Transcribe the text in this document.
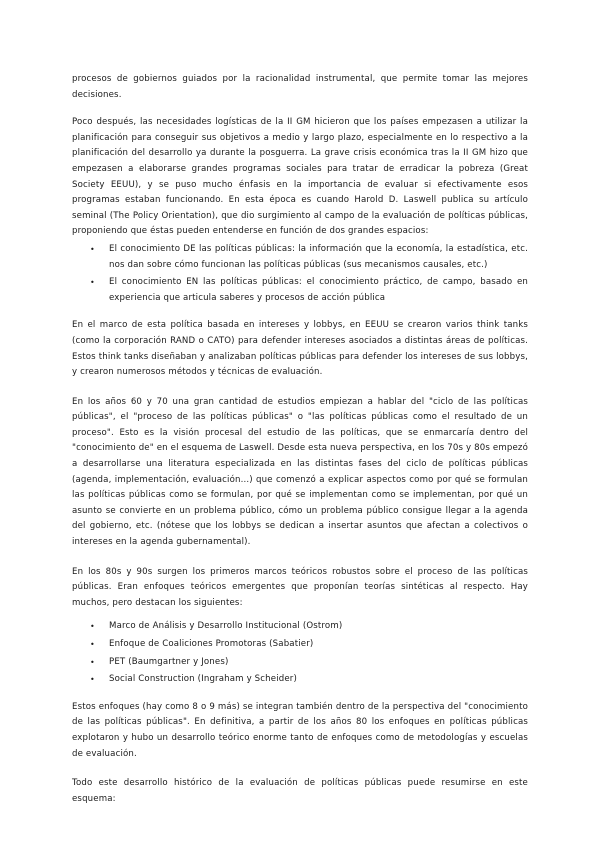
procesos de gobiernos guiados por la racionalidad instrumental, que permite tomar las mejores decisiones.

Poco después, las necesidades logísticas de la II GM hicieron que los países empezasen a utilizar la planificación para conseguir sus objetivos a medio y largo plazo, especialmente en lo respectivo a la planificación del desarrollo ya durante la posguerra. La grave crisis económica tras la II GM hizo que empezasen a elaborarse grandes programas sociales para tratar de erradicar la pobreza (Great Society EEUU), y se puso mucho énfasis en la importancia de evaluar si efectivamente esos programas estaban funcionando. En esta época es cuando Harold D. Laswell publica su artículo seminal (The Policy Orientation), que dio surgimiento al campo de la evaluación de políticas públicas, proponiendo que éstas pueden entenderse en función de dos grandes espacios:

• El conocimiento DE las políticas públicas: la información que la economía, la estadística, etc. nos dan sobre cómo funcionan las políticas públicas (sus mecanismos causales, etc.)
• El conocimiento EN las políticas públicas: el conocimiento práctico, de campo, basado en experiencia que articula saberes y procesos de acción pública

En el marco de esta política basada en intereses y lobbys, en EEUU se crearon varios think tanks (como la corporación RAND o CATO) para defender intereses asociados a distintas áreas de políticas. Estos think tanks diseñaban y analizaban políticas públicas para defender los intereses de sus lobbys, y crearon numerosos métodos y técnicas de evaluación.

En los años 60 y 70 una gran cantidad de estudios empiezan a hablar del "ciclo de las políticas públicas", el "proceso de las políticas públicas" o "las políticas públicas como el resultado de un proceso". Esto es la visión procesal del estudio de las políticas, que se enmarcaría dentro del "conocimiento de" en el esquema de Laswell. Desde esta nueva perspectiva, en los 70s y 80s empezó a desarrollarse una literatura especializada en las distintas fases del ciclo de políticas públicas (agenda, implementación, evaluación...) que comenzó a explicar aspectos como por qué se formulan las políticas públicas como se formulan, por qué se implementan como se implementan, por qué un asunto se convierte en un problema público, cómo un problema público consigue llegar a la agenda del gobierno, etc. (nótese que los lobbys se dedican a insertar asuntos que afectan a colectivos o intereses en la agenda gubernamental).

En los 80s y 90s surgen los primeros marcos teóricos robustos sobre el proceso de las políticas públicas. Eran enfoques teóricos emergentes que proponían teorías sintéticas al respecto. Hay muchos, pero destacan los siguientes:

• Marco de Análisis y Desarrollo Institucional (Ostrom)
• Enfoque de Coaliciones Promotoras (Sabatier)
• PET (Baumgartner y Jones)
• Social Construction (Ingraham y Scheider)

Estos enfoques (hay como 8 o 9 más) se integran también dentro de la perspectiva del "conocimiento de las políticas públicas". En definitiva, a partir de los años 80 los enfoques en políticas públicas explotaron y hubo un desarrollo teórico enorme tanto de enfoques como de metodologías y escuelas de evaluación.

Todo este desarrollo histórico de la evaluación de políticas públicas puede resumirse en este esquema:
